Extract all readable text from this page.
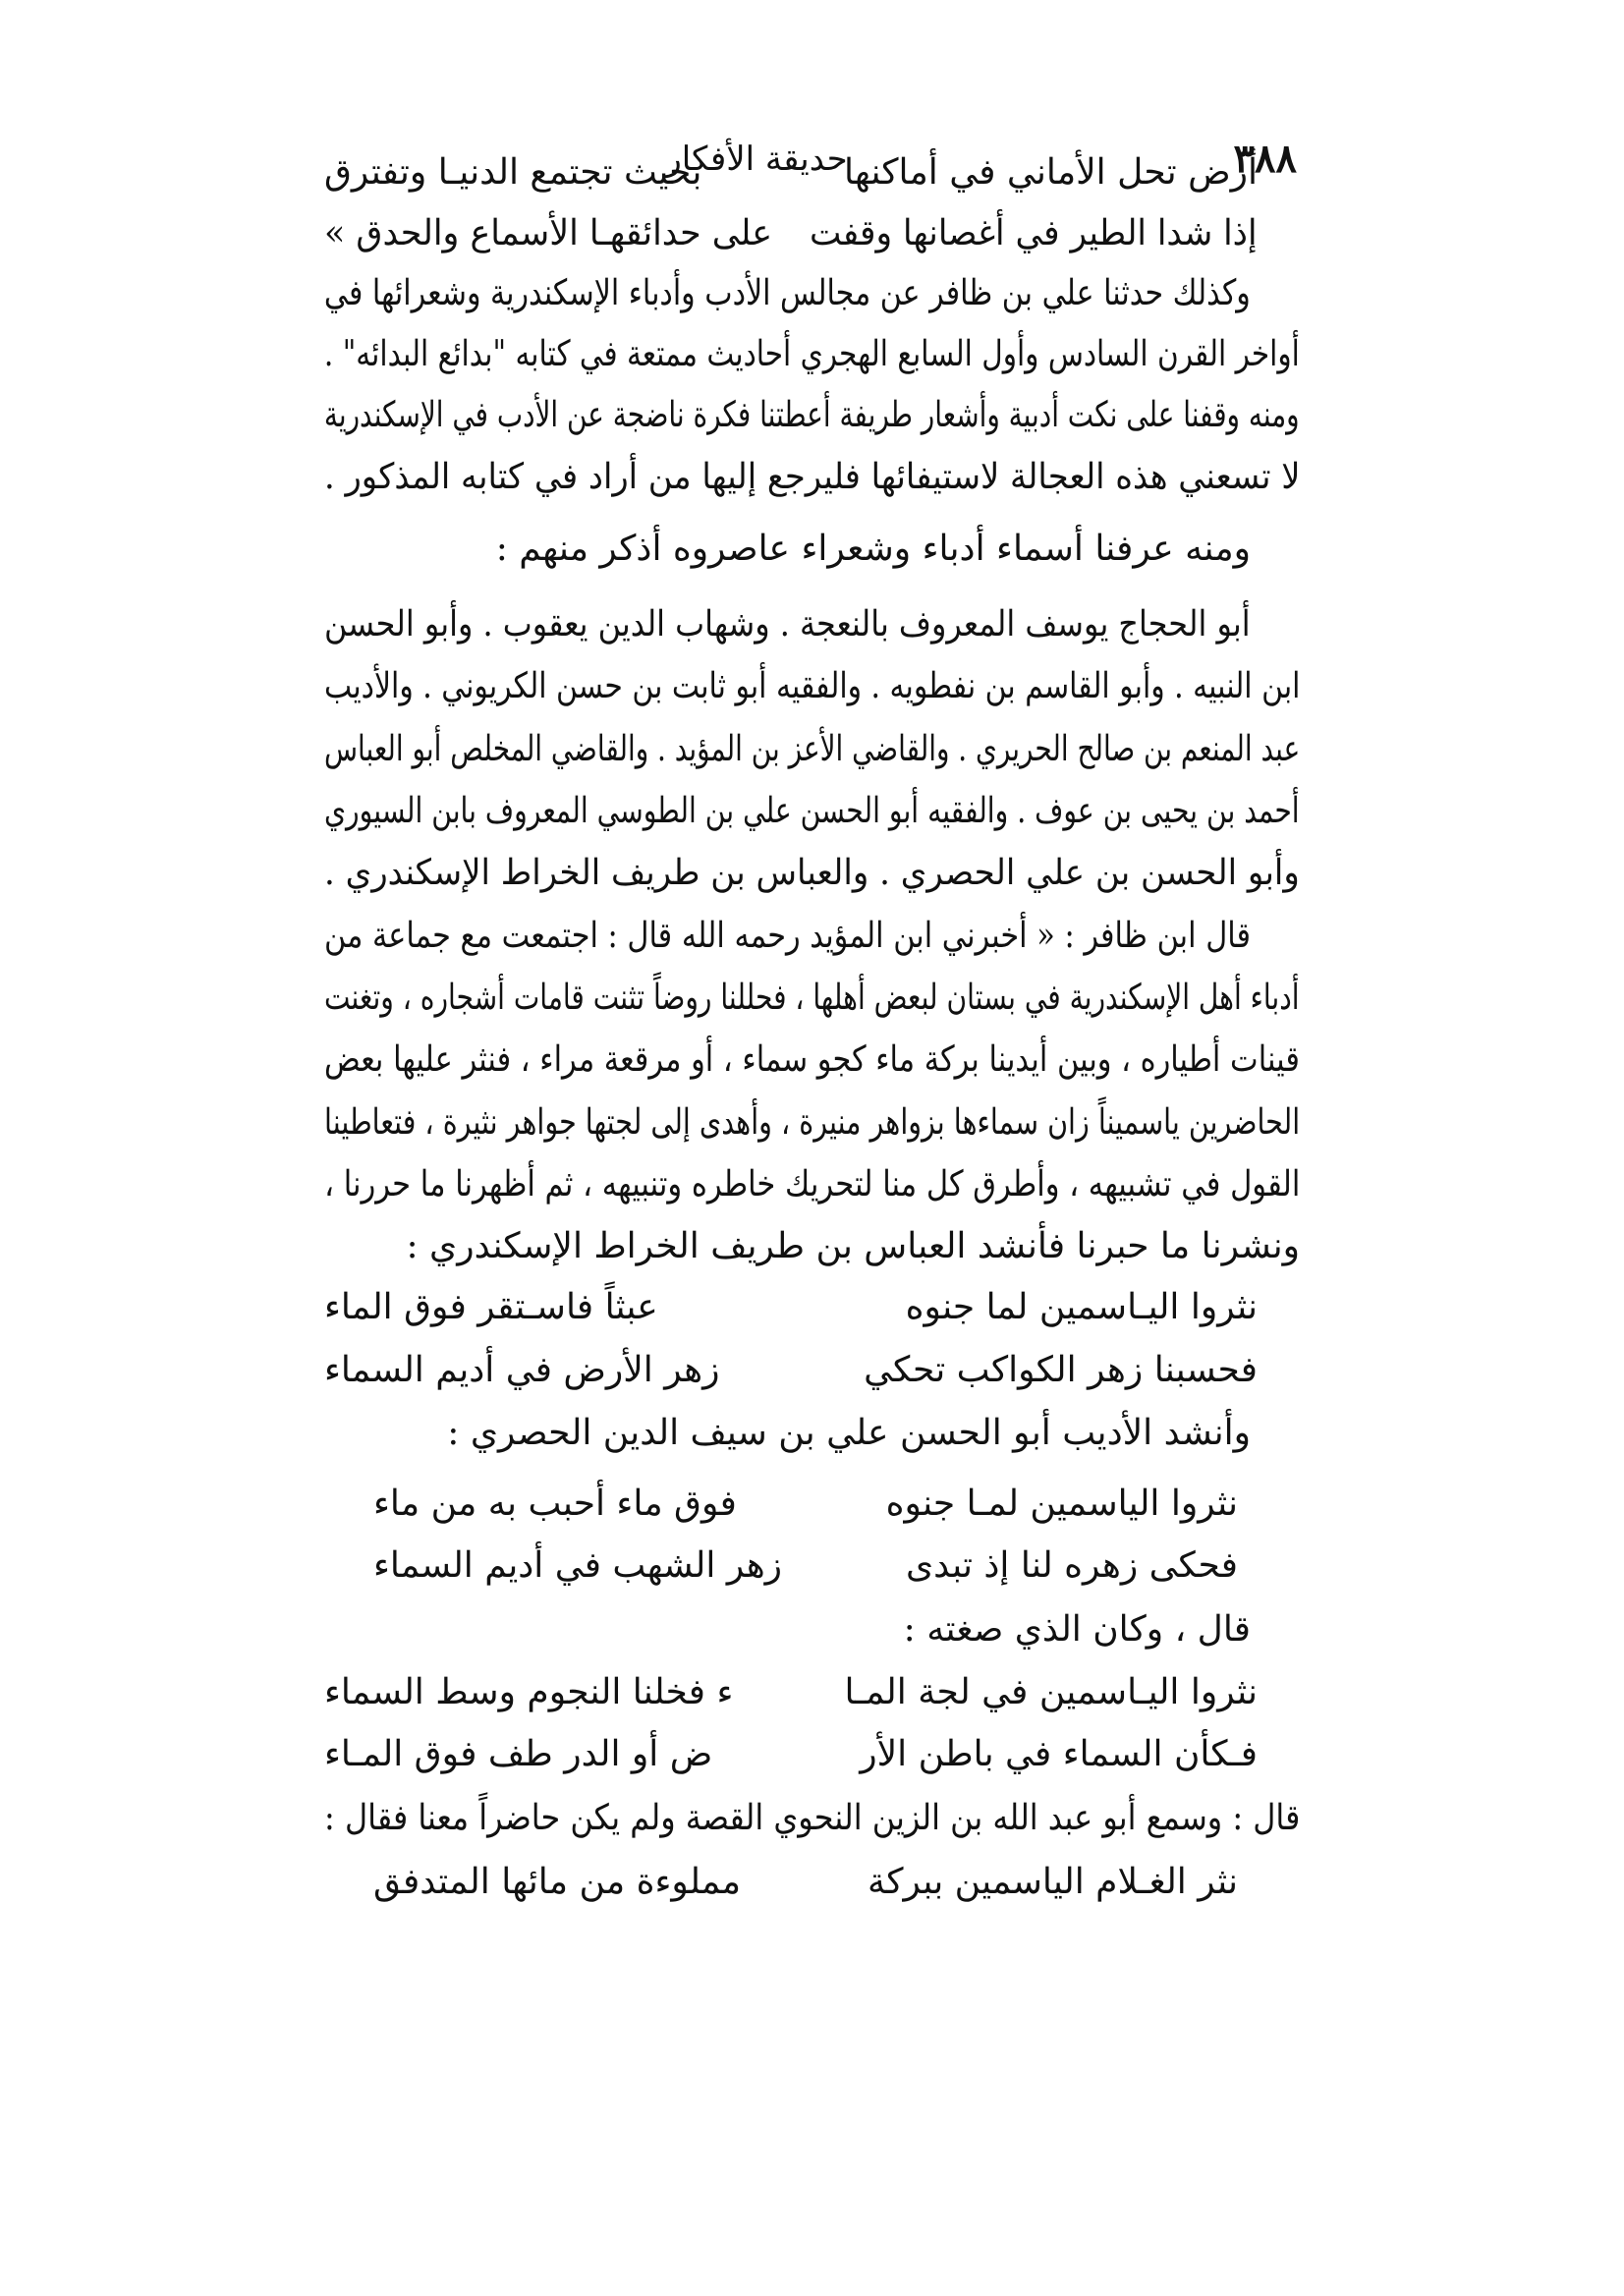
٣٨٨
حديقة الأفكار
أرض تحل الأماني في أماكنها
بحيث تجتمع الدنيـا وتفترق
إذا شدا الطير في أغصانها وقفت
على حدائقهـا الأسماع والحدق »
وكذلك حدثنا علي بن ظافر عن مجالس الأدب وأدباء الإسكندرية وشعرائها في
أواخر القرن السادس وأول السابع الهجري أحاديث ممتعة في كتابه "بدائع البدائه" .
ومنه وقفنا على نكت أدبية وأشعار طريفة أعطتنا فكرة ناضجة عن الأدب في الإسكندرية
لا تسعني هذه العجالة لاستيفائها فليرجع إليها من أراد في كتابه المذكور .
ومنه عرفنا أسماء أدباء وشعراء عاصروه أذكر منهم :
أبو الحجاج يوسف المعروف بالنعجة . وشهاب الدين يعقوب . وأبو الحسن
ابن النبيه . وأبو القاسم بن نفطويه . والفقيه أبو ثابت بن حسن الكريوني . والأديب
عبد المنعم بن صالح الحريري . والقاضي الأعز بن المؤيد . والقاضي المخلص أبو العباس
أحمد بن يحيى بن عوف . والفقيه أبو الحسن علي بن الطوسي المعروف بابن السيوري
وأبو الحسن بن علي الحصري . والعباس بن طريف الخراط الإسكندري .
قال ابن ظافر : « أخبرني ابن المؤيد رحمه الله قال : اجتمعت مع جماعة من
أدباء أهل الإسكندرية في بستان لبعض أهلها ، فحللنا روضاً تثنت قامات أشجاره ، وتغنت
قينات أطياره ، وبين أيدينا بركة ماء كجو سماء ، أو مرقعة مراء ، فنثر عليها بعض
الحاضرين ياسميناً زان سماءها بزواهر منيرة ، وأهدى إلى لجتها جواهر نثيرة ، فتعاطينا
القول في تشبيهه ، وأطرق كل منا لتحريك خاطره وتنبيهه ، ثم أظهرنا ما حررنا ،
ونشرنا ما حبرنا فأنشد العباس بن طريف الخراط الإسكندري :
نثروا اليـاسمين لما جنوه
عبثاً فاسـتقر فوق الماء
فحسبنا زهر الكواكب تحكي
زهر الأرض في أديم السماء
وأنشد الأديب أبو الحسن علي بن سيف الدين الحصري :
نثروا الياسمين لمـا جنوه
فوق ماء أحبب به من ماء
فحكى زهره لنا إذ تبدى
زهر الشهب في أديم السماء
قال ، وكان الذي صغته :
نثروا اليـاسمين في لجة المـا
ء فخلنا النجوم وسط السماء
فـكأن السماء في باطن الأر
ض أو الدر طف فوق المـاء
قال : وسمع أبو عبد الله بن الزين النحوي القصة ولم يكن حاضراً معنا فقال :
نثر الغـلام الياسمين ببركة
مملوءة من مائها المتدفق
